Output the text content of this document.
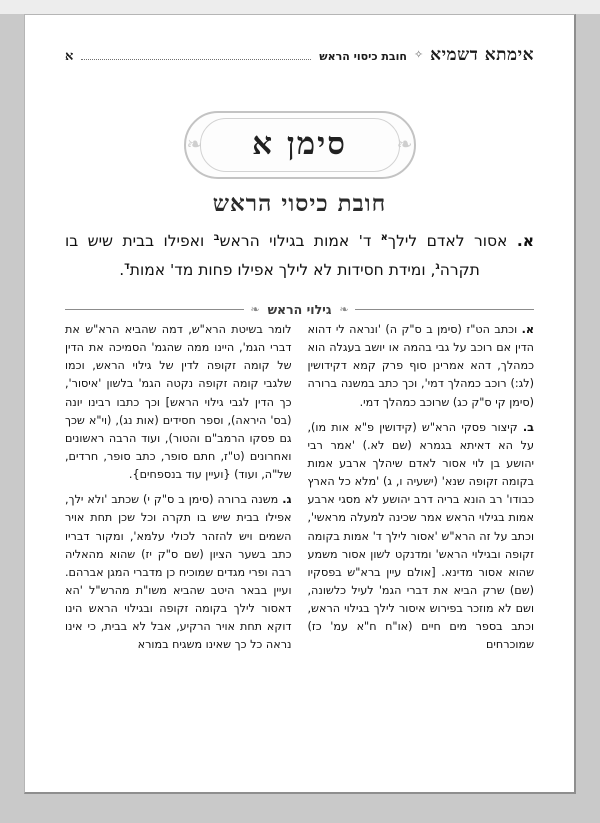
אימתא דשמיא
✧
חובת כיסוי הראש
א
❧
❧	סימן א
חובת כיסוי הראש
א. אסור לאדם לילך$^א$ ד' אמות בגילוי הראש$^ב$ ואפילו בבית שיש בו תקרה$^ג$, ומידת חסידות לא לילך אפילו פחות מד' אמות$^ד$.
❧
גילוי הראש
❧

א. וכתב הט"ז (סימן ב ס"ק ה) 'ונראה לי דהוא הדין אם רוכב על גבי בהמה או יושב בעגלה הוא כמהלך, דהא אמרינן סוף פרק קמא דקידושין (לג:) רוכב כמהלך דמי', וכך כתב במשנה ברורה (סימן קי ס"ק כג) שרוכב כמהלך דמי.

ב. קיצור פסקי הרא"ש (קידושין פ"א אות מו), על הא דאיתא בגמרא (שם לא.) 'אמר רבי יהושע בן לוי אסור לאדם שיהלך ארבע אמות בקומה זקופה שנא' (ישעיה ו, ג) 'מלא כל הארץ כבודו' רב הונא בריה דרב יהושע לא מסגי ארבע אמות בגילוי הראש אמר שכינה למעלה מראשי', וכתב על זה הרא"ש 'אסור לילך ד' אמות בקומה זקופה ובגילוי הראש' ומדנקט לשון אסור משמע שהוא אסור מדינא. [אולם עיין ברא"ש בפסקיו (שם) שרק הביא את דברי הגמ' לעיל כלשונה, ושם לא מוזכר בפירוש איסור לילך בגילוי הראש, וכתב בספר מים חיים (או"ח ח"א עמ' כז) שמוכרחים

לומר בשיטת הרא"ש, דמה שהביא הרא"ש את דברי הגמ', היינו ממה שהגמ' הסמיכה את הדין של קומה זקופה לדין של גילוי הראש, וכמו שלגבי קומה זקופה נקטה הגמ' בלשון 'איסור', כך הדין לגבי גילוי הראש] וכך כתבו רבינו יונה (בס' היראה), וספר חסידים (אות נג), (וי"א שכך גם פסקו הרמב"ם והטור), ועוד הרבה ראשונים ואחרונים (ט"ז, חתם סופר, כתב סופר, חרדים, של"ה, ועוד) {ועיין עוד בנספחים}.

ג. משנה ברורה (סימן ב ס"ק י) שכתב 'ולא ילך, אפילו בבית שיש בו תקרה וכל שכן תחת אויר השמים ויש להזהר לכולי עלמא', ומקור דבריו כתב בשער הציון (שם ס"ק יז) שהוא מהאליה רבה ופרי מגדים שמוכיח כן מדברי המגן אברהם. ועיין בבאר היטב שהביא משו"ת מהרש"ל 'הא דאסור לילך בקומה זקופה ובגילוי הראש הינו דוקא תחת אויר הרקיע, אבל לא בבית, כי אינו נראה כל כך שאינו משגיח במורא
